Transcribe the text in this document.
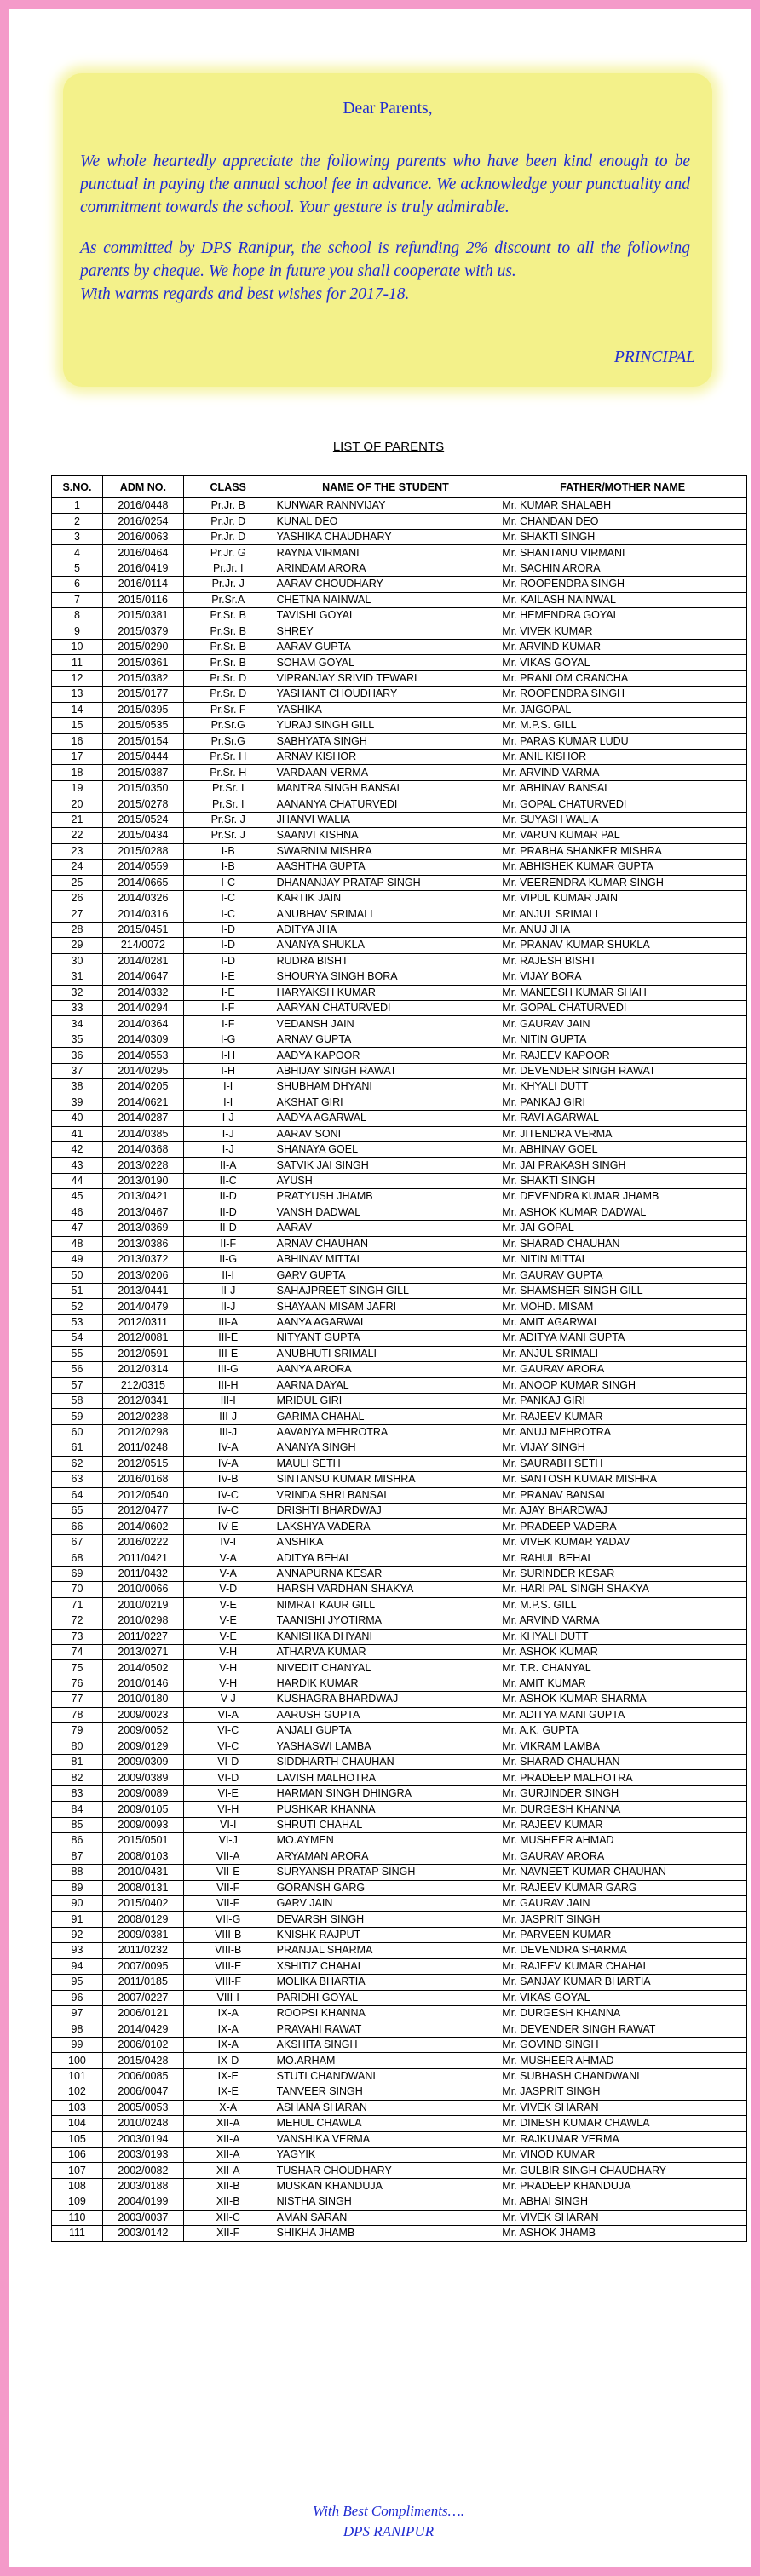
Dear Parents,

We whole heartedly appreciate the following parents who have been kind enough to be punctual in paying the annual school fee in advance. We acknowledge your punctuality and commitment towards the school. Your gesture is truly admirable.

As committed by DPS Ranipur, the school is refunding 2% discount to all the following parents by cheque. We hope in future you shall cooperate with us.

With warms regards and best wishes for 2017-18.

PRINCIPAL

LIST OF PARENTS
S.NO.	ADM NO.	CLASS	NAME OF THE STUDENT	FATHER/MOTHER NAME
1	2016/0448	Pr.Jr. B	KUNWAR RANNVIJAY	Mr. KUMAR SHALABH
2	2016/0254	Pr.Jr. D	KUNAL DEO	Mr. CHANDAN DEO
3	2016/0063	Pr.Jr. D	YASHIKA CHAUDHARY	Mr. SHAKTI SINGH
4	2016/0464	Pr.Jr. G	RAYNA VIRMANI	Mr. SHANTANU VIRMANI
5	2016/0419	Pr.Jr. I	ARINDAM ARORA	Mr. SACHIN ARORA
6	2016/0114	Pr.Jr. J	AARAV CHOUDHARY	Mr. ROOPENDRA SINGH
7	2015/0116	Pr.Sr.A	CHETNA NAINWAL	Mr. KAILASH NAINWAL
8	2015/0381	Pr.Sr. B	TAVISHI GOYAL	Mr. HEMENDRA GOYAL
9	2015/0379	Pr.Sr. B	SHREY	Mr. VIVEK KUMAR
10	2015/0290	Pr.Sr. B	AARAV GUPTA	Mr. ARVIND KUMAR
11	2015/0361	Pr.Sr. B	SOHAM GOYAL	Mr. VIKAS GOYAL
12	2015/0382	Pr.Sr. D	VIPRANJAY SRIVID TEWARI	Mr. PRANI OM CRANCHA
13	2015/0177	Pr.Sr. D	YASHANT CHOUDHARY	Mr. ROOPENDRA SINGH
14	2015/0395	Pr.Sr. F	YASHIKA	Mr. JAIGOPAL
15	2015/0535	Pr.Sr.G	YURAJ SINGH GILL	Mr. M.P.S. GILL
16	2015/0154	Pr.Sr.G	SABHYATA SINGH	Mr. PARAS KUMAR LUDU
17	2015/0444	Pr.Sr. H	ARNAV KISHOR	Mr. ANIL KISHOR
18	2015/0387	Pr.Sr. H	VARDAAN VERMA	Mr. ARVIND VARMA
19	2015/0350	Pr.Sr. I	MANTRA SINGH BANSAL	Mr. ABHINAV BANSAL
20	2015/0278	Pr.Sr. I	AANANYA CHATURVEDI	Mr. GOPAL CHATURVEDI
21	2015/0524	Pr.Sr. J	JHANVI WALIA	Mr. SUYASH WALIA
22	2015/0434	Pr.Sr. J	SAANVI KISHNA	Mr. VARUN KUMAR PAL
23	2015/0288	I-B	SWARNIM MISHRA	Mr. PRABHA SHANKER MISHRA
24	2014/0559	I-B	AASHTHA GUPTA	Mr. ABHISHEK KUMAR GUPTA
25	2014/0665	I-C	DHANANJAY PRATAP SINGH	Mr. VEERENDRA KUMAR SINGH
26	2014/0326	I-C	KARTIK JAIN	Mr. VIPUL KUMAR JAIN
27	2014/0316	I-C	ANUBHAV SRIMALI	Mr. ANJUL SRIMALI
28	2015/0451	I-D	ADITYA JHA	Mr. ANUJ JHA
29	214/0072	I-D	ANANYA SHUKLA	Mr. PRANAV KUMAR SHUKLA
30	2014/0281	I-D	RUDRA BISHT	Mr. RAJESH BISHT
31	2014/0647	I-E	SHOURYA SINGH BORA	Mr. VIJAY BORA
32	2014/0332	I-E	HARYAKSH KUMAR	Mr. MANEESH KUMAR SHAH
33	2014/0294	I-F	AARYAN CHATURVEDI	Mr. GOPAL CHATURVEDI
34	2014/0364	I-F	VEDANSH JAIN	Mr. GAURAV JAIN
35	2014/0309	I-G	ARNAV GUPTA	Mr. NITIN GUPTA
36	2014/0553	I-H	AADYA KAPOOR	Mr. RAJEEV KAPOOR
37	2014/0295	I-H	ABHIJAY SINGH RAWAT	Mr. DEVENDER SINGH RAWAT
38	2014/0205	I-I	SHUBHAM DHYANI	Mr. KHYALI DUTT
39	2014/0621	I-I	AKSHAT GIRI	Mr. PANKAJ GIRI
40	2014/0287	I-J	AADYA AGARWAL	Mr. RAVI AGARWAL
41	2014/0385	I-J	AARAV SONI	Mr. JITENDRA VERMA
42	2014/0368	I-J	SHANAYA GOEL	Mr. ABHINAV GOEL
43	2013/0228	II-A	SATVIK JAI SINGH	Mr. JAI PRAKASH SINGH
44	2013/0190	II-C	AYUSH	Mr. SHAKTI SINGH
45	2013/0421	II-D	PRATYUSH JHAMB	Mr. DEVENDRA KUMAR JHAMB
46	2013/0467	II-D	VANSH DADWAL	Mr. ASHOK KUMAR DADWAL
47	2013/0369	II-D	AARAV	Mr. JAI GOPAL
48	2013/0386	II-F	ARNAV CHAUHAN	Mr. SHARAD CHAUHAN
49	2013/0372	II-G	ABHINAV MITTAL	Mr. NITIN MITTAL
50	2013/0206	II-I	GARV GUPTA	Mr. GAURAV GUPTA
51	2013/0441	II-J	SAHAJPREET SINGH GILL	Mr. SHAMSHER SINGH GILL
52	2014/0479	II-J	SHAYAAN MISAM JAFRI	Mr. MOHD. MISAM
53	2012/0311	III-A	AANYA AGARWAL	Mr. AMIT AGARWAL
54	2012/0081	III-E	NITYANT GUPTA	Mr. ADITYA MANI GUPTA
55	2012/0591	III-E	ANUBHUTI SRIMALI	Mr. ANJUL SRIMALI
56	2012/0314	III-G	AANYA ARORA	Mr. GAURAV ARORA
57	212/0315	III-H	AARNA DAYAL	Mr. ANOOP KUMAR SINGH
58	2012/0341	III-I	MRIDUL GIRI	Mr. PANKAJ GIRI
59	2012/0238	III-J	GARIMA CHAHAL	Mr. RAJEEV KUMAR
60	2012/0298	III-J	AAVANYA MEHROTRA	Mr. ANUJ MEHROTRA
61	2011/0248	IV-A	ANANYA SINGH	Mr. VIJAY SINGH
62	2012/0515	IV-A	MAULI SETH	Mr. SAURABH SETH
63	2016/0168	IV-B	SINTANSU KUMAR MISHRA	Mr. SANTOSH KUMAR MISHRA
64	2012/0540	IV-C	VRINDA SHRI BANSAL	Mr. PRANAV BANSAL
65	2012/0477	IV-C	DRISHTI BHARDWAJ	Mr. AJAY BHARDWAJ
66	2014/0602	IV-E	LAKSHYA VADERA	Mr. PRADEEP VADERA
67	2016/0222	IV-I	ANSHIKA	Mr. VIVEK KUMAR YADAV
68	2011/0421	V-A	ADITYA BEHAL	Mr. RAHUL BEHAL
69	2011/0432	V-A	ANNAPURNA KESAR	Mr. SURINDER KESAR
70	2010/0066	V-D	HARSH VARDHAN SHAKYA	Mr. HARI PAL SINGH SHAKYA
71	2010/0219	V-E	NIMRAT KAUR GILL	Mr. M.P.S. GILL
72	2010/0298	V-E	TAANISHI JYOTIRMA	Mr. ARVIND VARMA
73	2011/0227	V-E	KANISHKA DHYANI	Mr. KHYALI DUTT
74	2013/0271	V-H	ATHARVA KUMAR	Mr. ASHOK KUMAR
75	2014/0502	V-H	NIVEDIT CHANYAL	Mr. T.R. CHANYAL
76	2010/0146	V-H	HARDIK KUMAR	Mr. AMIT KUMAR
77	2010/0180	V-J	KUSHAGRA BHARDWAJ	Mr. ASHOK KUMAR SHARMA
78	2009/0023	VI-A	AARUSH GUPTA	Mr. ADITYA MANI GUPTA
79	2009/0052	VI-C	ANJALI GUPTA	Mr. A.K. GUPTA
80	2009/0129	VI-C	YASHASWI LAMBA	Mr. VIKRAM LAMBA
81	2009/0309	VI-D	SIDDHARTH CHAUHAN	Mr. SHARAD CHAUHAN
82	2009/0389	VI-D	LAVISH MALHOTRA	Mr. PRADEEP MALHOTRA
83	2009/0089	VI-E	HARMAN SINGH DHINGRA	Mr. GURJINDER SINGH
84	2009/0105	VI-H	PUSHKAR KHANNA	Mr. DURGESH KHANNA
85	2009/0093	VI-I	SHRUTI CHAHAL	Mr. RAJEEV KUMAR
86	2015/0501	VI-J	MO.AYMEN	Mr. MUSHEER AHMAD
87	2008/0103	VII-A	ARYAMAN ARORA	Mr. GAURAV ARORA
88	2010/0431	VII-E	SURYANSH PRATAP SINGH	Mr. NAVNEET KUMAR CHAUHAN
89	2008/0131	VII-F	GORANSH GARG	Mr. RAJEEV KUMAR GARG
90	2015/0402	VII-F	GARV JAIN	Mr. GAURAV JAIN
91	2008/0129	VII-G	DEVARSH SINGH	Mr. JASPRIT SINGH
92	2009/0381	VIII-B	KNISHK RAJPUT	Mr. PARVEEN KUMAR
93	2011/0232	VIII-B	PRANJAL SHARMA	Mr. DEVENDRA SHARMA
94	2007/0095	VIII-E	XSHITIZ CHAHAL	Mr. RAJEEV KUMAR CHAHAL
95	2011/0185	VIII-F	MOLIKA BHARTIA	Mr. SANJAY KUMAR BHARTIA
96	2007/0227	VIII-I	PARIDHI GOYAL	Mr. VIKAS GOYAL
97	2006/0121	IX-A	ROOPSI KHANNA	Mr. DURGESH KHANNA
98	2014/0429	IX-A	PRAVAHI RAWAT	Mr. DEVENDER SINGH RAWAT
99	2006/0102	IX-A	AKSHITA SINGH	Mr. GOVIND SINGH
100	2015/0428	IX-D	MO.ARHAM	Mr. MUSHEER AHMAD
101	2006/0085	IX-E	STUTI CHANDWANI	Mr. SUBHASH CHANDWANI
102	2006/0047	IX-E	TANVEER SINGH	Mr. JASPRIT SINGH
103	2005/0053	X-A	ASHANA SHARAN	Mr. VIVEK SHARAN
104	2010/0248	XII-A	MEHUL CHAWLA	Mr. DINESH KUMAR CHAWLA
105	2003/0194	XII-A	VANSHIKA VERMA	Mr. RAJKUMAR VERMA
106	2003/0193	XII-A	YAGYIK	Mr. VINOD KUMAR
107	2002/0082	XII-A	TUSHAR CHOUDHARY	Mr. GULBIR SINGH CHAUDHARY
108	2003/0188	XII-B	MUSKAN KHANDUJA	Mr. PRADEEP KHANDUJA
109	2004/0199	XII-B	NISTHA SINGH	Mr. ABHAI SINGH
110	2003/0037	XII-C	AMAN SARAN	Mr. VIVEK SHARAN
111	2003/0142	XII-F	SHIKHA JHAMB	Mr. ASHOK JHAMB
With Best Compliments….
DPS RANIPUR
